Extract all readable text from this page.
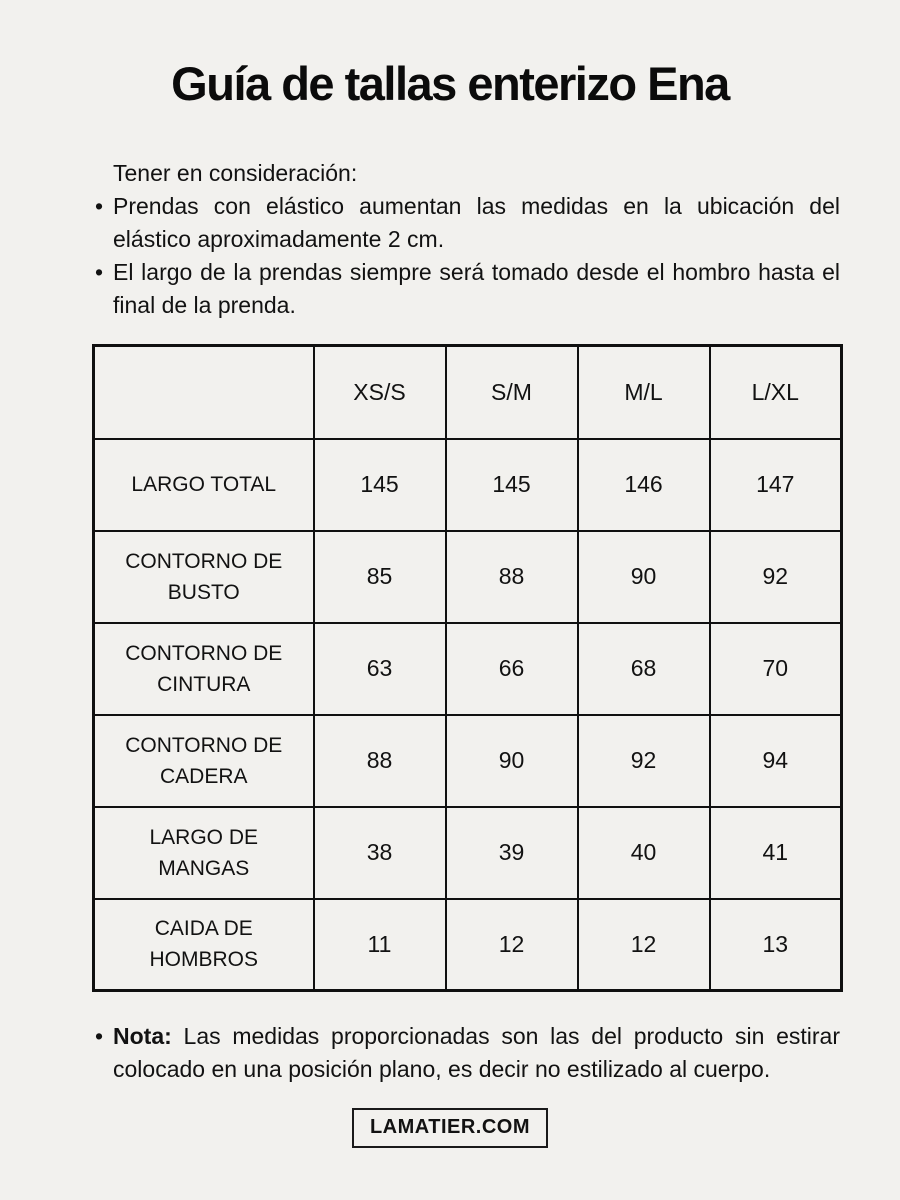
Guía de tallas enterizo Ena
Tener en consideración:
• Prendas con elástico aumentan las medidas en la ubicación del elástico aproximadamente 2 cm.
• El largo de la prendas siempre será tomado desde el hombro hasta el final de la prenda.
	XS/S	S/M	M/L	L/XL
LARGO TOTAL	145	145	146	147
CONTORNO DE BUSTO	85	88	90	92
CONTORNO DE CINTURA	63	66	68	70
CONTORNO DE CADERA	88	90	92	94
LARGO DE MANGAS	38	39	40	41
CAIDA DE HOMBROS	11	12	12	13
• Nota: Las medidas proporcionadas son las del producto sin estirar colocado en una posición plano, es decir no estilizado al cuerpo.
LAMATIER.COM
